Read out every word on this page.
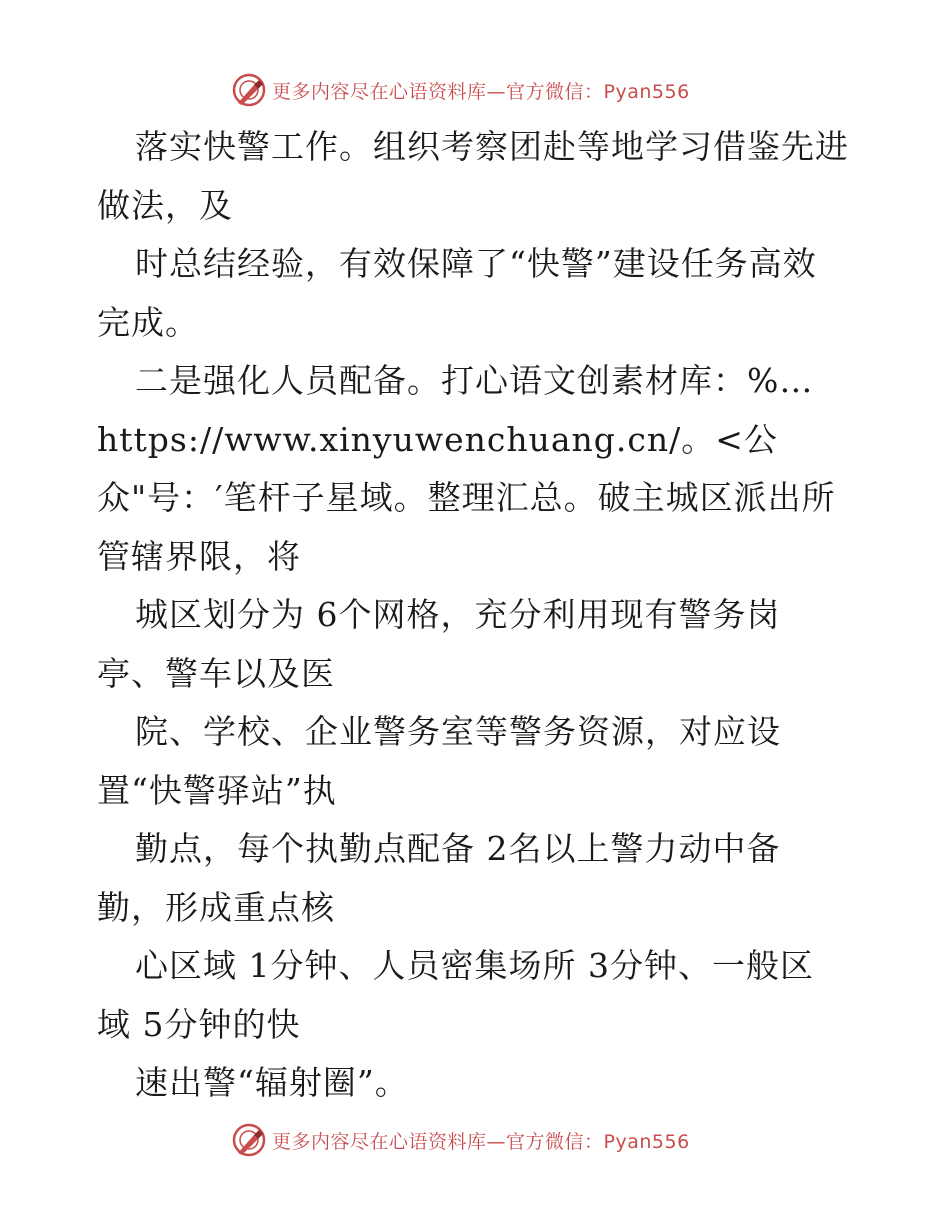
更多内容尽在心语资料库—官方微信：Pyan556
落实快警工作。组织考察团赴等地学习借鉴先进
做法，及
时总结经验，有效保障了“快警”建设任务高效
完成。
二是强化人员配备。打心语文创素材库：%…
https://www.xinyuwenchuang.cn/。<公
众"号：′笔杆子星域。整理汇总。破主城区派出所
管辖界限，将
城区划分为 6个网格，充分利用现有警务岗
亭、警车以及医
院、学校、企业警务室等警务资源，对应设
置“快警驿站”执
勤点，每个执勤点配备 2名以上警力动中备
勤，形成重点核
心区域 1分钟、人员密集场所 3分钟、一般区
域 5分钟的快
速出警“辐射圈”。
更多内容尽在心语资料库—官方微信：Pyan556
